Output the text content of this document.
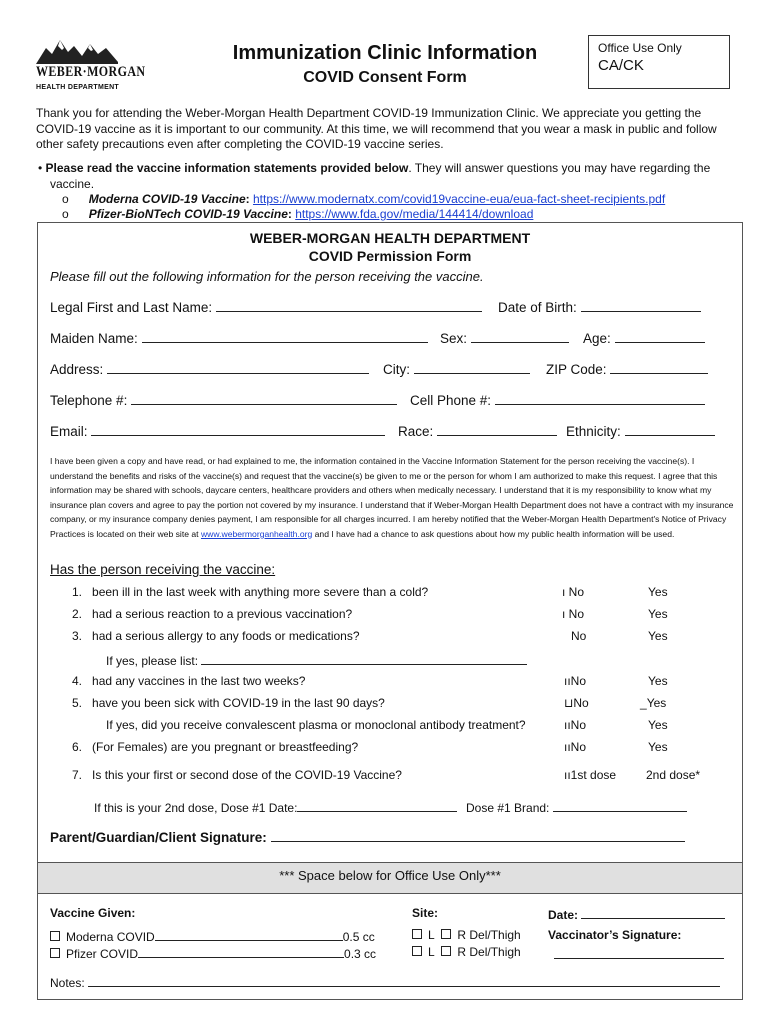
WEBER·MORGAN
HEALTH DEPARTMENT
Immunization Clinic Information
COVID Consent Form
Office Use Only
CA/CK
Thank you for attending the Weber-Morgan Health Department COVID-19 Immunization Clinic. We appreciate you getting the COVID-19 vaccine as it is important to our community. At this time, we will recommend that you wear a mask in public and follow other safety precautions even after completing the COVID-19 vaccine series.
• Please read the vaccine information statements provided below. They will answer questions you may have regarding the vaccine.
o Moderna COVID-19 Vaccine: https://www.modernatx.com/covid19vaccine-eua/eua-fact-sheet-recipients.pdf
o Pfizer-BioNTech COVID-19 Vaccine: https://www.fda.gov/media/144414/download
WEBER-MORGAN HEALTH DEPARTMENT
COVID Permission Form
Please fill out the following information for the person receiving the vaccine.
Legal First and Last Name:	Date of Birth:
Maiden Name:	Sex:	Age:
Address:	City:	ZIP Code:
Telephone #:	Cell Phone #:
Email:	Race:	Ethnicity:
I have been given a copy and have read, or had explained to me, the information contained in the Vaccine Information Statement for the person receiving the vaccine(s). I understand the benefits and risks of the vaccine(s) and request that the vaccine(s) be given to me or the person for whom I am authorized to make this request. I agree that this information may be shared with schools, daycare centers, healthcare providers and others when medically necessary. I understand that it is my responsibility to know what my insurance plan covers and agree to pay the portion not covered by my insurance. I understand that if Weber-Morgan Health Department does not have a contract with my insurance company, or my insurance company denies payment, I am responsible for all charges incurred. I am hereby notified that the Weber-Morgan Health Department's Notice of Privacy Practices is located on their web site at www.webermorganhealth.org and I have had a chance to ask questions about how my public health information will be used.
Has the person receiving the vaccine:
1. been ill in the last week with anything more severe than a cold?	ı No	Yes
2. had a serious reaction to a previous vaccination?	ı No	Yes
3. had a serious allergy to any foods or medications?	No	Yes
If yes, please list:
4. had any vaccines in the last two weeks?	ııNo	Yes
5. have you been sick with COVID-19 in the last 90 days?	⊔No	_Yes
If yes, did you receive convalescent plasma or monoclonal antibody treatment?	ııNo	Yes
6. (For Females) are you pregnant or breastfeeding?	ııNo	Yes
7. Is this your first or second dose of the COVID-19 Vaccine?	ıı1st dose 2nd dose*
If this is your 2nd dose, Dose #1 Date:	Dose #1 Brand:
Parent/Guardian/Client Signature:
*** Space below for Office Use Only***
Vaccine Given:
Moderna COVID	0.5 cc
Pfizer COVID	0.3 cc
Site:
L R Del/Thigh
L R Del/Thigh
Date:
Vaccinator’s Signature:
Notes:
